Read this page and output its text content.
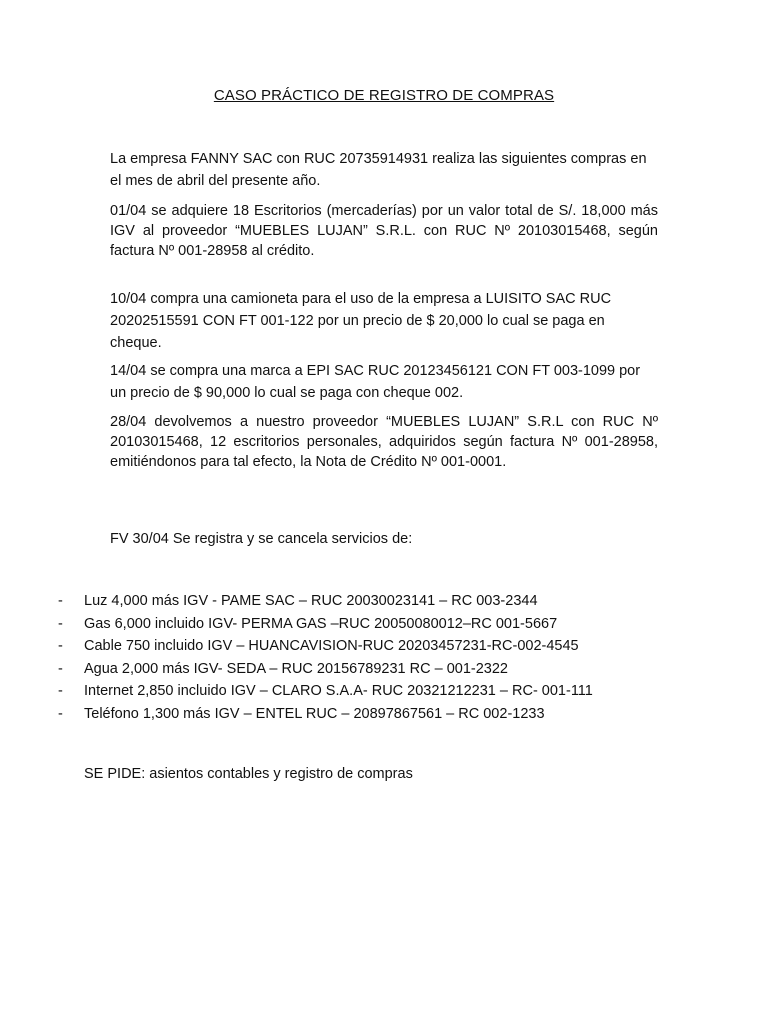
CASO PRÁCTICO DE REGISTRO DE COMPRAS
La empresa FANNY SAC con RUC 20735914931 realiza las siguientes compras en el mes de abril del presente año.
01/04 se adquiere 18 Escritorios (mercaderías) por un valor total de S/. 18,000 más IGV al proveedor “MUEBLES LUJAN” S.R.L. con RUC Nº 20103015468, según factura Nº 001-28958 al crédito.
10/04 compra una camioneta para el uso de la empresa a LUISITO SAC RUC 20202515591 CON FT 001-122 por un precio de $ 20,000 lo cual se paga en cheque.
14/04 se compra una marca a EPI SAC RUC 20123456121 CON FT 003-1099 por un precio de $ 90,000 lo cual se paga con cheque 002.
28/04 devolvemos a nuestro proveedor “MUEBLES LUJAN” S.R.L con RUC Nº 20103015468, 12 escritorios personales, adquiridos según factura Nº 001-28958, emitiéndonos para tal efecto, la Nota de Crédito Nº 001-0001.
FV 30/04 Se registra y se cancela servicios de:
- Luz 4,000 más IGV - PAME SAC – RUC 20030023141 – RC 003-2344
- Gas 6,000 incluido IGV- PERMA GAS –RUC 20050080012–RC 001-5667
- Cable 750 incluido IGV – HUANCAVISION-RUC 20203457231-RC-002-4545
- Agua 2,000 más IGV- SEDA – RUC 20156789231 RC – 001-2322
- Internet 2,850 incluido IGV – CLARO S.A.A- RUC 20321212231 – RC- 001-111
- Teléfono 1,300 más IGV – ENTEL RUC – 20897867561 – RC 002-1233
SE PIDE: asientos contables y registro de compras
